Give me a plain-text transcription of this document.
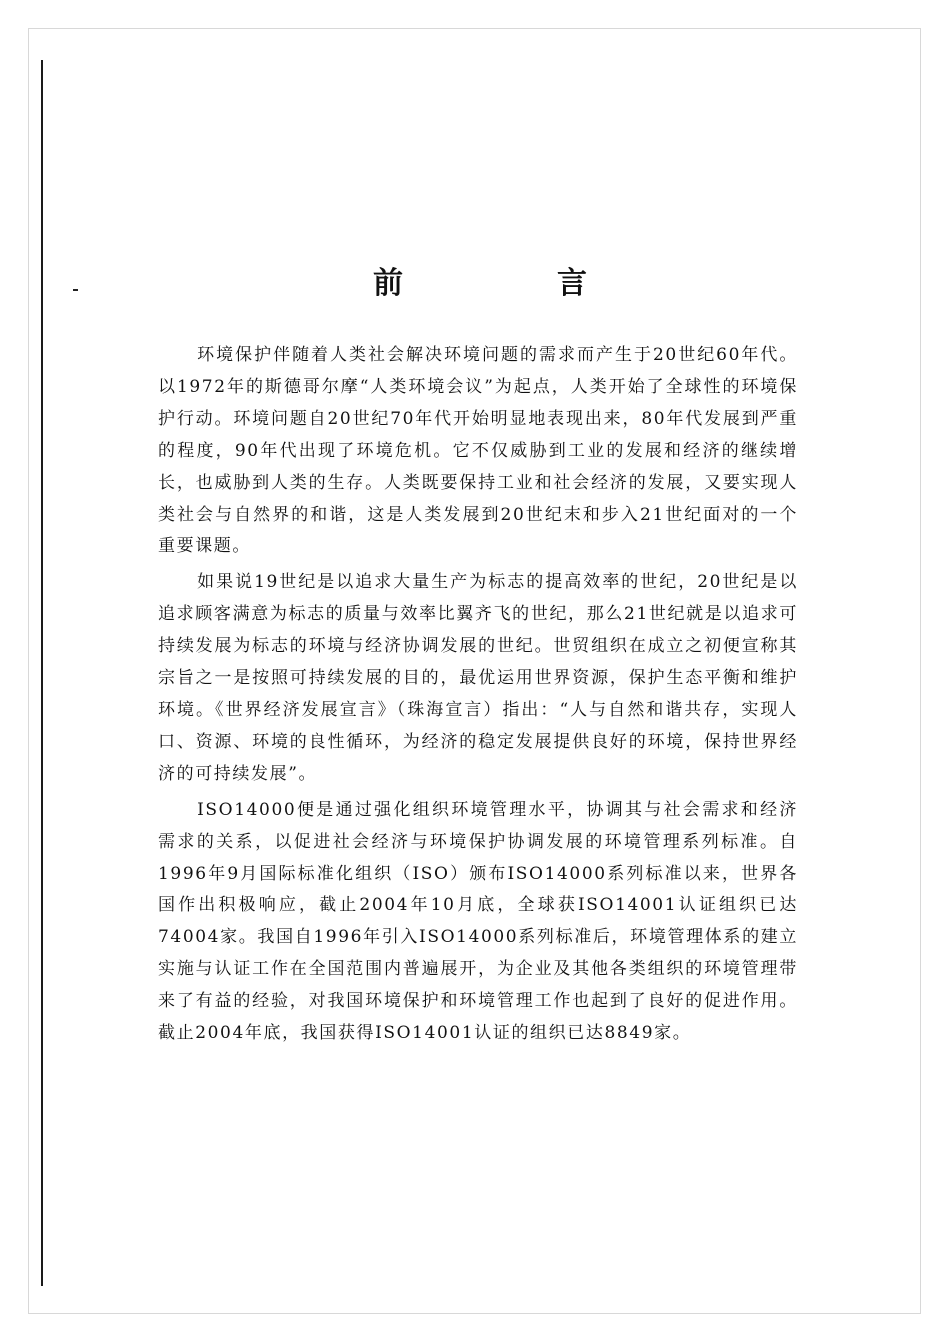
前　言

环境保护伴随着人类社会解决环境问题的需求而产生于20世纪60年代。以1972年的斯德哥尔摩“人类环境会议”为起点，人类开始了全球性的环境保护行动。环境问题自20世纪70年代开始明显地表现出来，80年代发展到严重的程度，90年代出现了环境危机。它不仅威胁到工业的发展和经济的继续增长，也威胁到人类的生存。人类既要保持工业和社会经济的发展，又要实现人类社会与自然界的和谐，这是人类发展到20世纪末和步入21世纪面对的一个重要课题。

如果说19世纪是以追求大量生产为标志的提高效率的世纪，20世纪是以追求顾客满意为标志的质量与效率比翼齐飞的世纪，那么21世纪就是以追求可持续发展为标志的环境与经济协调发展的世纪。世贸组织在成立之初便宣称其宗旨之一是按照可持续发展的目的，最优运用世界资源，保护生态平衡和维护环境。《世界经济发展宣言》（珠海宣言）指出：“人与自然和谐共存，实现人口、资源、环境的良性循环，为经济的稳定发展提供良好的环境，保持世界经济的可持续发展”。

ISO14000便是通过强化组织环境管理水平，协调其与社会需求和经济需求的关系，以促进社会经济与环境保护协调发展的环境管理系列标准。自1996年9月国际标准化组织（ISO）颁布ISO14000系列标准以来，世界各国作出积极响应，截止2004年10月底，全球获ISO14001认证组织已达74004家。我国自1996年引入ISO14000系列标准后，环境管理体系的建立实施与认证工作在全国范围内普遍展开，为企业及其他各类组织的环境管理带来了有益的经验，对我国环境保护和环境管理工作也起到了良好的促进作用。截止2004年底，我国获得ISO14001认证的组织已达8849家。
